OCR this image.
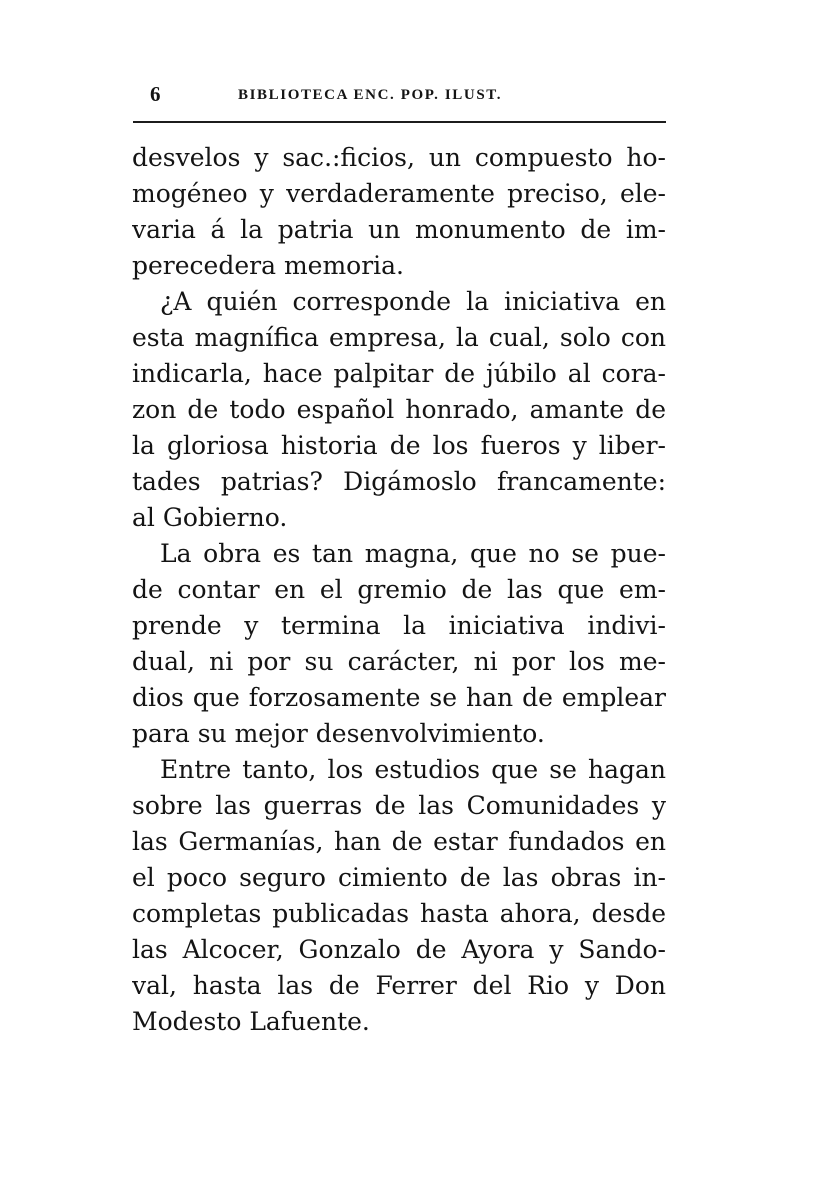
6	BIBLIOTECA ENC. POP. ILUST.
desvelos y sac.:ficios, un compuesto ho-
mogéneo y verdaderamente preciso, ele-
varia á la patria un monumento de im-
perecedera memoria.
¿A quién corresponde la iniciativa en
esta magnífica empresa, la cual, solo con
indicarla, hace palpitar de júbilo al cora-
zon de todo español honrado, amante de
la gloriosa historia de los fueros y liber-
tades patrias? Digámoslo francamente:
al Gobierno.
La obra es tan magna, que no se pue-
de contar en el gremio de las que em-
prende y termina la iniciativa indivi-
dual, ni por su carácter, ni por los me-
dios que forzosamente se han de emplear
para su mejor desenvolvimiento.
Entre tanto, los estudios que se hagan
sobre las guerras de las Comunidades y
las Germanías, han de estar fundados en
el poco seguro cimiento de las obras in-
completas publicadas hasta ahora, desde
las Alcocer, Gonzalo de Ayora y Sando-
val, hasta las de Ferrer del Rio y Don
Modesto Lafuente.
